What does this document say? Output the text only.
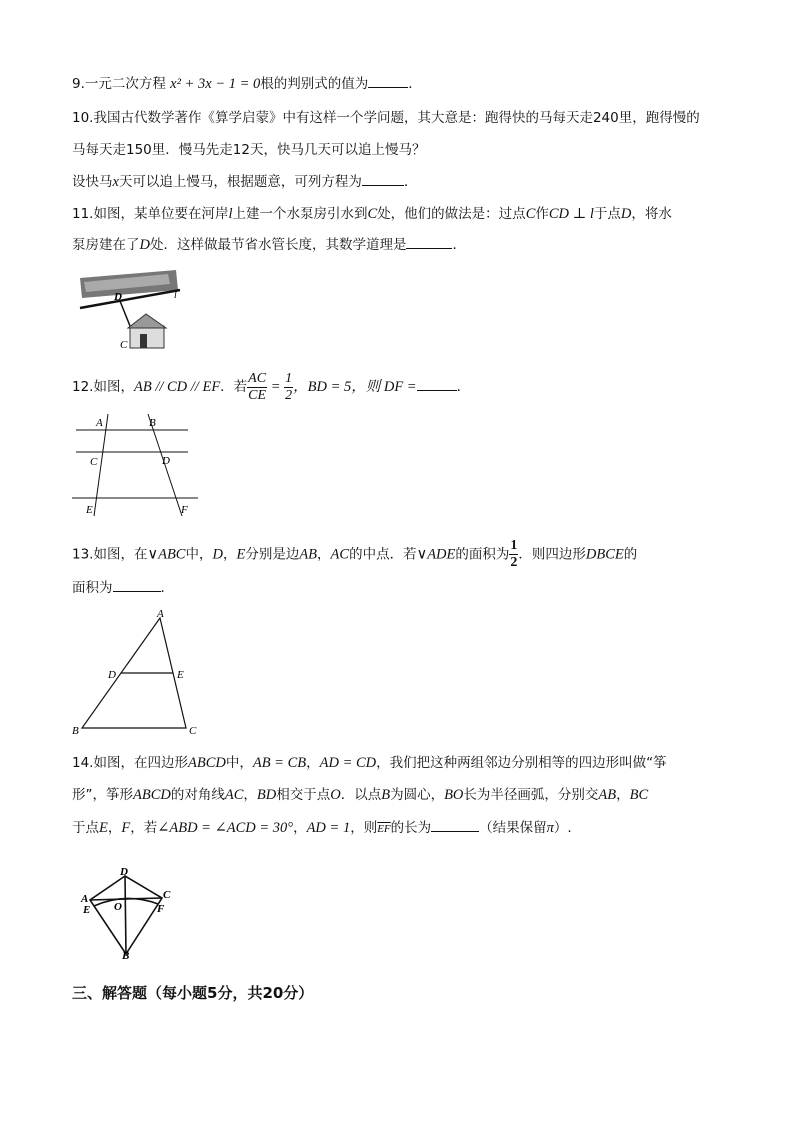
9.一元二次方程 x² + 3x − 1 = 0根的判别式的值为	．
10.我国古代数学著作《算学启蒙》中有这样一个学问题，其大意是：跑得快的马每天走240里，跑得慢的
马每天走150里．慢马先走12天，快马几天可以追上慢马？
设快马x天可以追上慢马，根据题意，可列方程为	．
11.如图，某单位要在河岸l上建一个水泵房引水到C处，他们的做法是：过点C作CD ⊥ l于点D，将水
泵房建在了D处．这样做最节省水管长度，其数学道理是	．
D	l
C
12.如图，AB // CD // EF．若 $\frac{AC}{CE} = \frac{1}{2}$ ，BD = 5，则 DF =	．
A	B
C	D
E	F
13.如图，在∨ABC中，D，E分别是边AB，AC的中点．若∨ADE的面积为 $\frac{1}{2}$ ．则四边形DBCE的
面积为	．
A
D	E
B	C
14.如图，在四边形ABCD中，AB = CB，AD = CD，我们把这种两组邻边分别相等的四边形叫做“筝
形”，筝形ABCD的对角线AC，BD相交于点O．以点B为圆心，BO长为半径画弧，分别交AB，BC
于点E，F，若∠ABD = ∠ACD = 30°，AD = 1，则$\overline{EF}$的长为	（结果保留π）.
D
A	C
E O	F
B
三、解答题（每小题5分，共20分）
